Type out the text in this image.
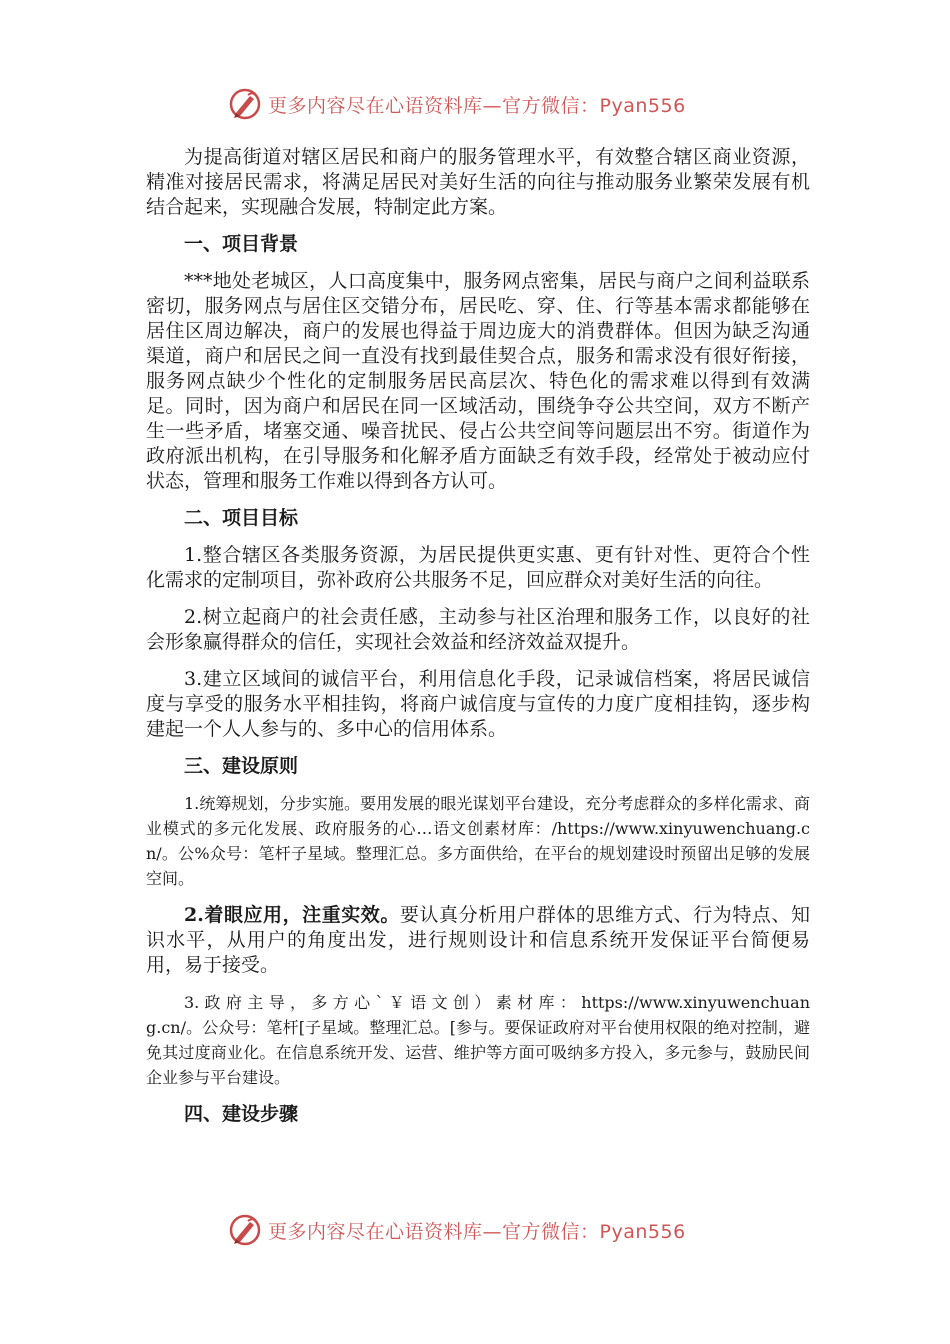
更多内容尽在心语资料库—官方微信：Pyan556

为提高街道对辖区居民和商户的服务管理水平，有效整合辖区商业资源，精准对接居民需求，将满足居民对美好生活的向往与推动服务业繁荣发展有机结合起来，实现融合发展，特制定此方案。

一、项目背景

***地处老城区，人口高度集中，服务网点密集，居民与商户之间利益联系密切，服务网点与居住区交错分布，居民吃、穿、住、行等基本需求都能够在居住区周边解决，商户的发展也得益于周边庞大的消费群体。但因为缺乏沟通渠道，商户和居民之间一直没有找到最佳契合点，服务和需求没有很好衔接，服务网点缺少个性化的定制服务居民高层次、特色化的需求难以得到有效满足。同时，因为商户和居民在同一区域活动，围绕争夺公共空间，双方不断产生一些矛盾，堵塞交通、噪音扰民、侵占公共空间等问题层出不穷。街道作为政府派出机构，在引导服务和化解矛盾方面缺乏有效手段，经常处于被动应付状态，管理和服务工作难以得到各方认可。

二、项目目标

1.整合辖区各类服务资源，为居民提供更实惠、更有针对性、更符合个性化需求的定制项目，弥补政府公共服务不足，回应群众对美好生活的向往。

2.树立起商户的社会责任感，主动参与社区治理和服务工作，以良好的社会形象赢得群众的信任，实现社会效益和经济效益双提升。

3.建立区域间的诚信平台，利用信息化手段，记录诚信档案，将居民诚信度与享受的服务水平相挂钩，将商户诚信度与宣传的力度广度相挂钩，逐步构建起一个人人参与的、多中心的信用体系。

三、建设原则

1.统筹规划，分步实施。要用发展的眼光谋划平台建设，充分考虑群众的多样化需求、商业模式的多元化发展、政府服务的心…语文创素材库：/https://www.xinyuwenchuang.cn/。公%众号：笔杆子星域。整理汇总。多方面供给，在平台的规划建设时预留出足够的发展空间。

2.着眼应用，注重实效。要认真分析用户群体的思维方式、行为特点、知识水平，从用户的角度出发，进行规则设计和信息系统开发保证平台简便易用，易于接受。

3. 政 府 主 导 ， 多 方 心 ` ￥ 语 文 创 ） 素 材 库 ： https://www.xinyuwenchuang.cn/。公众号：笔杆[子星域。整理汇总。[参与。要保证政府对平台使用权限的绝对控制，避免其过度商业化。在信息系统开发、运营、维护等方面可吸纳多方投入，多元参与，鼓励民间企业参与平台建设。

四、建设步骤

更多内容尽在心语资料库—官方微信：Pyan556
